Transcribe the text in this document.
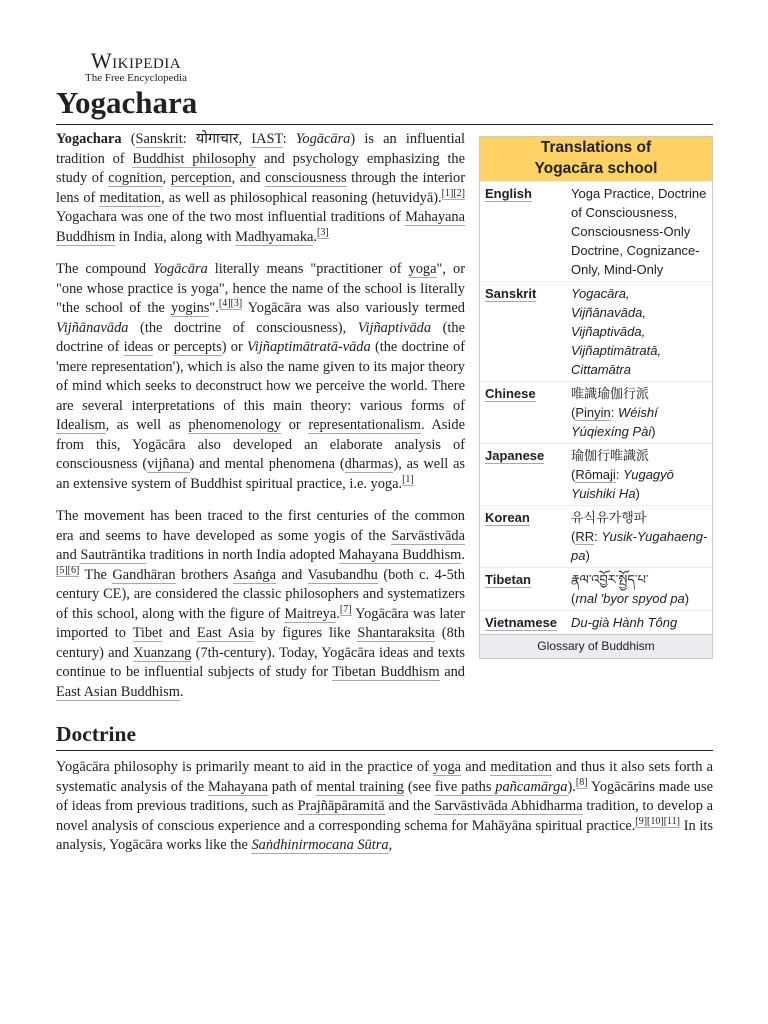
Wikipedia
The Free Encyclopedia
Yogachara
Translations of
Yogacāra school
English	Yoga Practice, Doctrine of Consciousness, Consciousness-Only Doctrine, Cognizance-Only, Mind-Only
Sanskrit	Yogacāra, Vijñānavāda, Vijñaptivāda, Vijñaptimātratā, Cittamātra
Chinese	唯識瑜伽行派
(Pinyin: Wéishí Yúqiexíng Pài)
Japanese	瑜伽行唯識派
(Rōmaji: Yugagyō Yuishiki Ha)
Korean	유식유가행파
(RR: Yusik-Yugahaeng-pa)
Tibetan	རྣལ་འབྱོར་སྤྱོད་པ་
(rnal 'byor spyod pa)
Vietnamese	Du-già Hành Tông
Glossary of Buddhism

Yogachara (Sanskrit: योगाचार, IAST: Yogācāra) is an influential tradition of Buddhist philosophy and psychology emphasizing the study of cognition, perception, and consciousness through the interior lens of meditation, as well as philosophical reasoning (hetuvidyā).[1][2] Yogachara was one of the two most influential traditions of Mahayana Buddhism in India, along with Madhyamaka.[3]

The compound Yogācāra literally means "practitioner of yoga", or "one whose practice is yoga", hence the name of the school is literally "the school of the yogins".[4][3] Yogācāra was also variously termed Vijñānavāda (the doctrine of consciousness), Vijñaptivāda (the doctrine of ideas or percepts) or Vijñaptimātratā-vāda (the doctrine of 'mere representation'), which is also the name given to its major theory of mind which seeks to deconstruct how we perceive the world. There are several interpretations of this main theory: various forms of Idealism, as well as phenomenology or representationalism. Aside from this, Yogācāra also developed an elaborate analysis of consciousness (vijñana) and mental phenomena (dharmas), as well as an extensive system of Buddhist spiritual practice, i.e. yoga.[1]

The movement has been traced to the first centuries of the common era and seems to have developed as some yogis of the Sarvāstivāda and Sautrāntika traditions in north India adopted Mahayana Buddhism.[5][6] The Gandhāran brothers Asaṅga and Vasubandhu (both c. 4-5th century CE), are considered the classic philosophers and systematizers of this school, along with the figure of Maitreya.[7] Yogācāra was later imported to Tibet and East Asia by figures like Shantaraksita (8th century) and Xuanzang (7th-century). Today, Yogācāra ideas and texts continue to be influential subjects of study for Tibetan Buddhism and East Asian Buddhism.

Doctrine

Yogācāra philosophy is primarily meant to aid in the practice of yoga and meditation and thus it also sets forth a systematic analysis of the Mahayana path of mental training (see five paths pañcamārga).[8] Yogācārins made use of ideas from previous traditions, such as Prajñāpāramitā and the Sarvāstivāda Abhidharma tradition, to develop a novel analysis of conscious experience and a corresponding schema for Mahāyāna spiritual practice.[9][10][11] In its analysis, Yogācāra works like the Saṅdhinirmocana Sūtra,
